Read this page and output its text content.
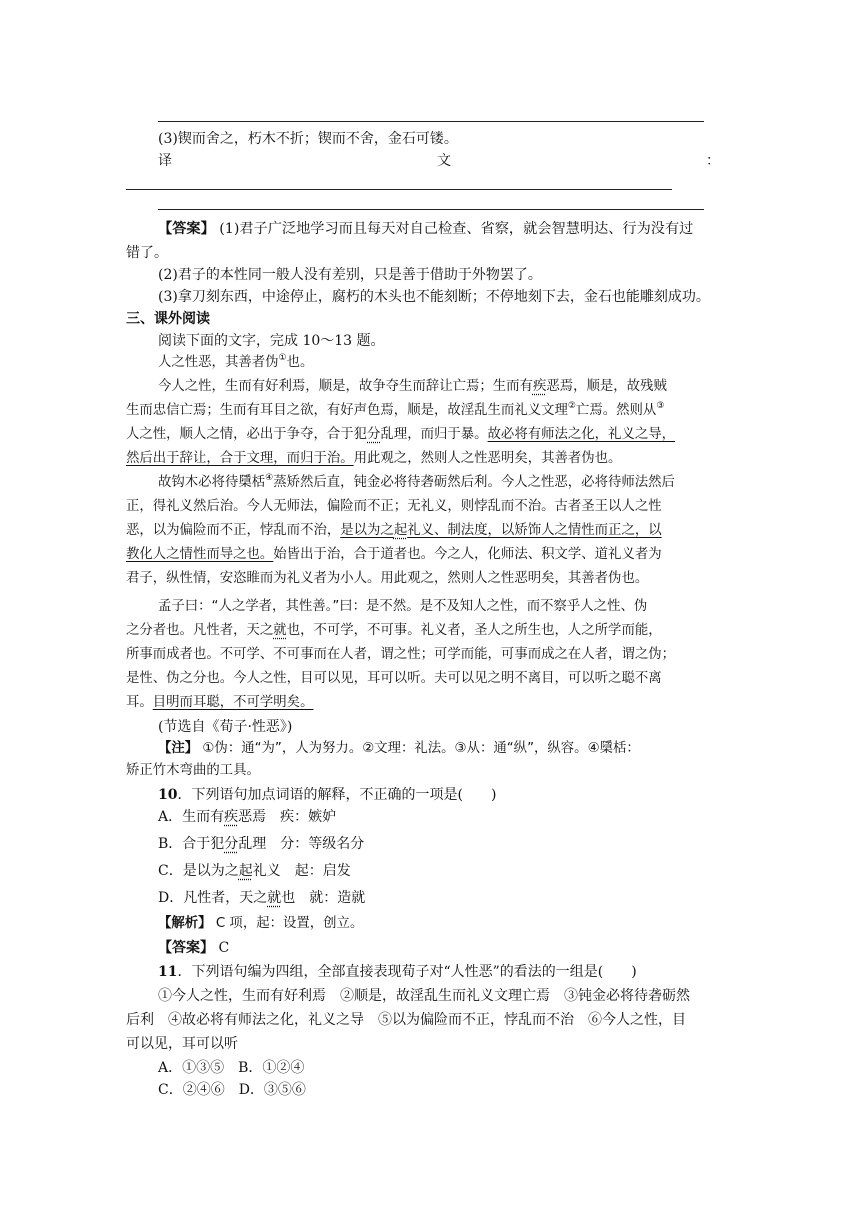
(3)锲而舍之，朽木不折；锲而不舍，金石可镂。
译	文	：
【答案】 (1)君子广泛地学习而且每天对自己检查、省察，就会智慧明达、行为没有过
错了。
(2)君子的本性同一般人没有差别，只是善于借助于外物罢了。
(3)拿刀刻东西，中途停止，腐朽的木头也不能刻断；不停地刻下去，金石也能雕刻成功。
三、课外阅读
阅读下面的文字，完成 10～13 题。
人之性恶，其善者伪①也。
今人之性，生而有好利焉，顺是，故争夺生而辞让亡焉；生而有疾恶焉，顺是，故残贼
生而忠信亡焉；生而有耳目之欲，有好声色焉，顺是，故淫乱生而礼义文理②亡焉。然则从③
人之性，顺人之情，必出于争夺，合于犯分乱理，而归于暴。故必将有师法之化，礼义之导，
然后出于辞让，合于文理，而归于治。用此观之，然则人之性恶明矣，其善者伪也。
故钩木必将待檃栝④蒸矫然后直，钝金必将待砻砺然后利。今人之性恶，必将待师法然后
正，得礼义然后治。今人无师法，偏险而不正；无礼义，则悖乱而不治。古者圣王以人之性
恶，以为偏险而不正，悖乱而不治，是以为之起礼义、制法度，以矫饰人之情性而正之，以
教化人之情性而导之也。始皆出于治，合于道者也。今之人，化师法、积文学、道礼义者为
君子，纵性情，安恣睢而为礼义者为小人。用此观之，然则人之性恶明矣，其善者伪也。
孟子曰：“人之学者，其性善。”曰：是不然。是不及知人之性，而不察乎人之性、伪
之分者也。凡性者，天之就也，不可学，不可事。礼义者，圣人之所生也，人之所学而能，
所事而成者也。不可学、不可事而在人者，谓之性；可学而能，可事而成之在人者，谓之伪；
是性、伪之分也。今人之性，目可以见，耳可以听。夫可以见之明不离目，可以听之聪不离
耳。目明而耳聪，不可学明矣。
(节选自《荀子·性恶》)
【注】 ①伪：通“为”，人为努力。②文理：礼法。③从：通“纵”，纵容。④檃栝：
矫正竹木弯曲的工具。
10．下列语句加点词语的解释，不正确的一项是(　　)
A．生而有疾恶焉　疾：嫉妒
B．合于犯分乱理　分：等级名分
C．是以为之起礼义　起：启发
D．凡性者，天之就也　就：造就
【解析】 C 项，起：设置，创立。
【答案】 C
11．下列语句编为四组，全部直接表现荀子对“人性恶”的看法的一组是(　　)
①今人之性，生而有好利焉　②顺是，故淫乱生而礼义文理亡焉　③钝金必将待砻砺然
后利　④故必将有师法之化，礼义之导　⑤以为偏险而不正，悖乱而不治　⑥今人之性，目
可以见，耳可以听
A．①③⑤　B．①②④
C．②④⑥　D．③⑤⑥
